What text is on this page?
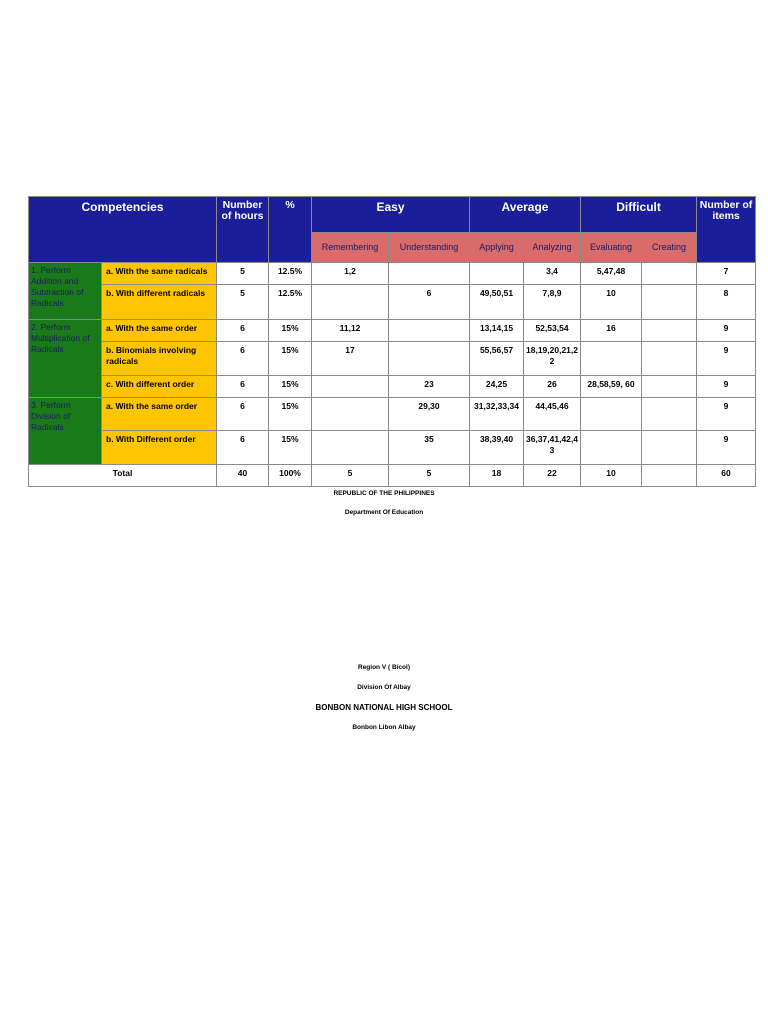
Competencies		Number of hours	%	Easy		Average		Difficult		Number of items
				Remembering	Understanding	Applying	Analyzing	Evaluating	Creating	
1. Perform Addition and Subtraction of Radicals	a. With the same radicals	5	12.5%	1,2			3,4	5,47,48		7
	b. With different radicals	5	12.5%		6	49,50,51	7,8,9	10		8
2. Perform Multiplication of Radicals	a. With the same order	6	15%	11,12		13,14,15	52,53,54	16		9
	b. Binomials involving radicals	6	15%	17		55,56,57	18,19,20,21,22			9
	c. With different order	6	15%		23	24,25	26	28,58,59, 60		9
3. Perform Division of Radicals	a. With the same order	6	15%		29,30	31,32,33,34	44,45,46			9
	b. With Different order	6	15%		35	38,39,40	36,37,41,42,43			9
Total		40	100%	5	5	18	22	10		60
REPUBLIC OF THE PHILIPPINES
Department Of Education
Region V ( Bicol)
Division Of Albay
BONBON NATIONAL HIGH SCHOOL
Bonbon Libon Albay
